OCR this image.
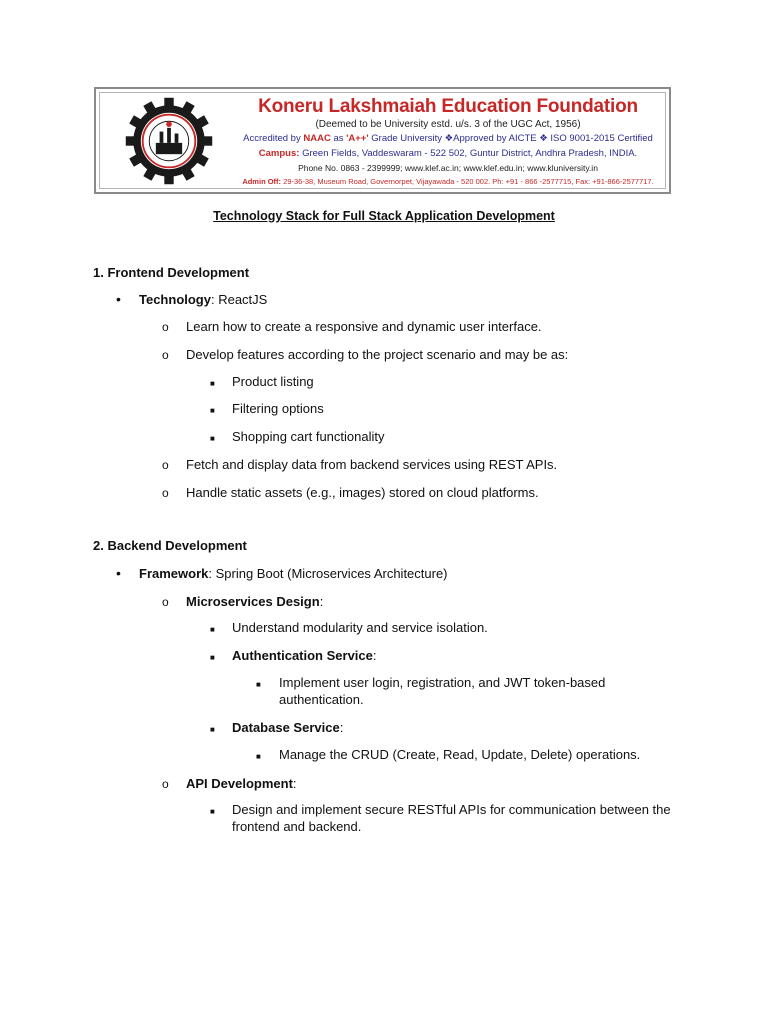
Koneru Lakshmaiah Education Foundation
(Deemed to be University estd. u/s. 3 of the UGC Act, 1956)
Accredited by NAAC as 'A++' Grade University ❖Approved by AICTE ❖ ISO 9001-2015 Certified
Campus: Green Fields, Vaddeswaram - 522 502, Guntur District, Andhra Pradesh, INDIA.
Phone No. 0863 - 2399999; www.klef.ac.in; www.klef.edu.in; www.kluniversity.in
Admin Off: 29-36-38, Museum Road, Governorpet, Vijayawada - 520 002. Ph: +91 - 866 -2577715, Fax: +91-866-2577717.
Technology Stack for Full Stack Application Development
1. Frontend Development
• Technology: ReactJS
o Learn how to create a responsive and dynamic user interface.
o Develop features according to the project scenario and may be as:
■ Product listing
■ Filtering options
■ Shopping cart functionality
o Fetch and display data from backend services using REST APIs.
o Handle static assets (e.g., images) stored on cloud platforms.
2. Backend Development
• Framework: Spring Boot (Microservices Architecture)
o Microservices Design:
■ Understand modularity and service isolation.
■ Authentication Service:
■ Implement user login, registration, and JWT token-based authentication.
■ Database Service:
■ Manage the CRUD (Create, Read, Update, Delete) operations.
o API Development:
■ Design and implement secure RESTful APIs for communication between the frontend and backend.
